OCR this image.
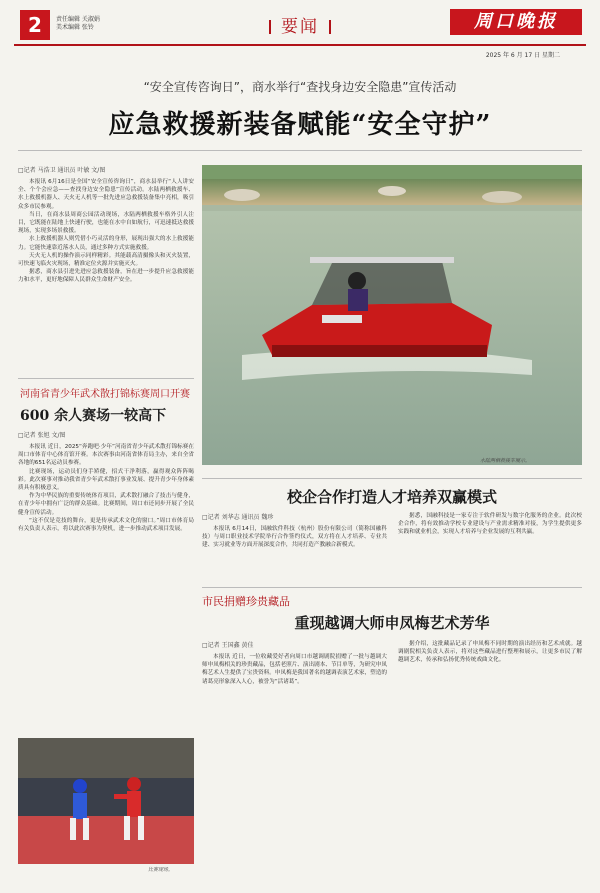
2	责任编辑 关淑娟
美术编辑 张铃	要闻	周口晚报
2025 年 6 月 17 日 星期二
“安全宣传咨询日”，商水举行“查找身边安全隐患”宣传活动
应急救援新装备赋能“安全守护”
□记者 马浩卫 通讯员 叶敏 文/图

本报讯 6月16日是全国“安全宣传咨询日”，商水县举行“人人讲安全、个个会应急——查找身边安全隐患”宣传活动。水陆两栖救援车、水上救援机器人、天火无人机等一批先进应急救援装备集中亮相，吸引众多市民参观。

当日，在商水县周商公园活动现场，水陆两栖救援车格外引人注目，它既能在陆地上快速行驶，也能在水中自如航行，可迅速抵达救援现场，实现多场景救援。

水上救援机器人则凭借小巧灵活的身形，展现出强大的水上救援能力。它能快速靠近落水人员，通过多种方式实施救援。

天火无人机的操作演示同样精彩。其能载高清摄像头和灭火装置，可快速飞临火灾现场，精准定位火源并实施灭火。

据悉，商水县引进先进应急救援装备，旨在进一步提升应急救援能力和水平，更好地保障人民群众生命财产安全。

水陆两栖救援车展示。
河南省青少年武术散打锦标赛周口开赛
600 余人赛场一较高下
□记者 张旭 文/图

本报讯 近日，2025“奔跑吧·少年”河南省青少年武术散打锦标赛在周口市体育中心体育馆开赛。本次赛事由河南省体育局主办，来自全省各地的651名运动员参赛。

比赛现场，运动员们身手矫健，招式干净利落，赢得观众阵阵喝彩。此次赛事对推动我省青少年武术散打事业发展、提升青少年身体素质具有积极意义。

作为中华民族的重要传统体育项目，武术散打融合了技击与健身，在青少年中拥有广泛的群众基础。比赛期间，周口市还同步开展了全民健身宣传活动。

“这不仅是竞技的舞台，更是传承武术文化的窗口。”周口市体育局有关负责人表示，将以此次赛事为契机，进一步推动武术项目发展。

比赛现场。
校企合作打造人才培养双赢模式
□记者 刘华志 通讯员 魏珍

本报讯 6月14日，国融软件科技（杭州）股份有限公司（简称国融科技）与周口职业技术学院举行合作签约仪式，双方将在人才培养、专业共建、实习就业等方面开展深度合作，共同打造产教融合新模式。

据悉，国融科技是一家专注于软件研发与数字化服务的企业。此次校企合作，将有效推动学校专业建设与产业需求精准对接，为学生提供更多实践和就业机会，实现人才培养与企业发展的互利共赢。

市民捐赠珍贵藏品
重现越调大师申凤梅艺术芳华
□记者 王国鑫 黄佳

本报讯 近日，一位收藏爱好者向周口市越调剧院捐赠了一批与越调大师申凤梅相关的珍贵藏品，包括老照片、演出剧本、节目单等，为研究申凤梅艺术人生提供了宝贵资料。申凤梅是我国著名的越调表演艺术家，塑造的诸葛亮形象深入人心，被誉为“活诸葛”。

据介绍，这批藏品记录了申凤梅不同时期的演出经历和艺术成就。越调剧院相关负责人表示，将对这些藏品进行整理和展示，让更多市民了解越调艺术，传承和弘扬优秀传统戏曲文化。
